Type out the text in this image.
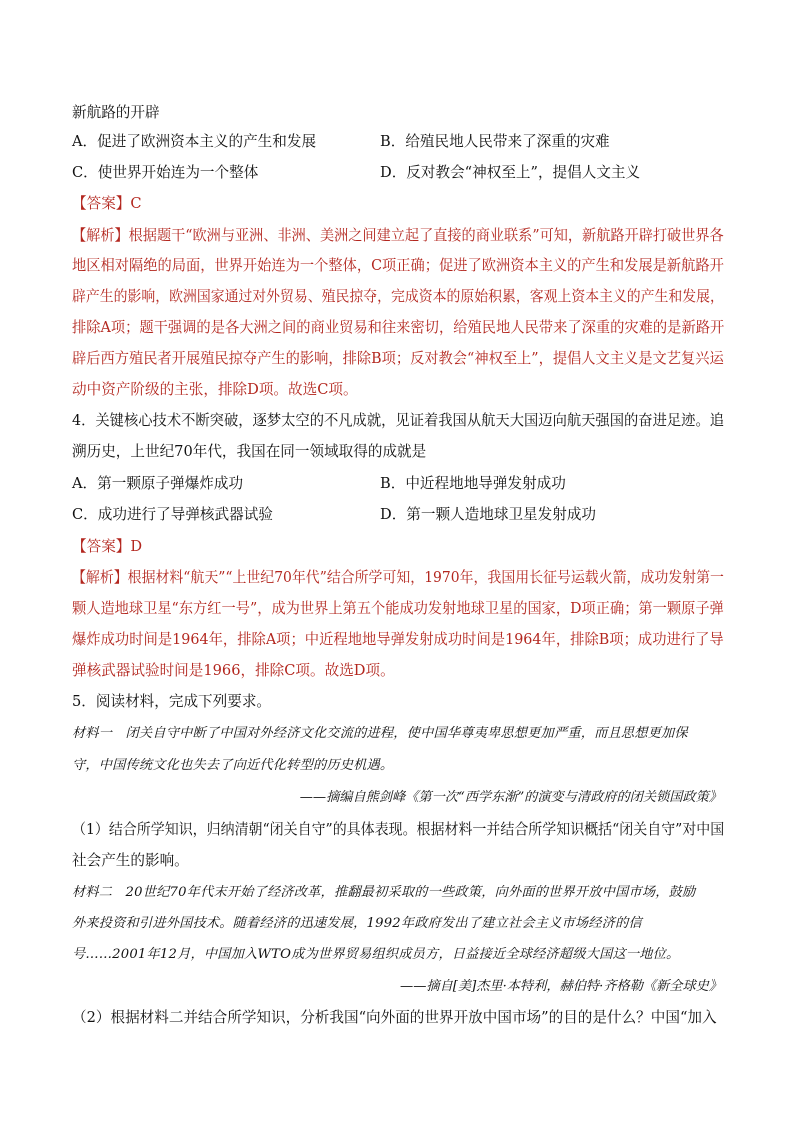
新航路的开辟
A．促进了欧洲资本主义的产生和发展	B．给殖民地人民带来了深重的灾难
C．使世界开始连为一个整体	D．反对教会“神权至上”，提倡人文主义
【答案】C
【解析】根据题干“欧洲与亚洲、非洲、美洲之间建立起了直接的商业联系”可知，新航路开辟打破世界各
地区相对隔绝的局面，世界开始连为一个整体，C项正确；促进了欧洲资本主义的产生和发展是新航路开
辟产生的影响，欧洲国家通过对外贸易、殖民掠夺，完成资本的原始积累，客观上资本主义的产生和发展，
排除A项；题干强调的是各大洲之间的商业贸易和往来密切，给殖民地人民带来了深重的灾难的是新路开
辟后西方殖民者开展殖民掠夺产生的影响，排除B项；反对教会“神权至上”，提倡人文主义是文艺复兴运
动中资产阶级的主张，排除D项。故选C项。
4．关键核心技术不断突破，逐梦太空的不凡成就，见证着我国从航天大国迈向航天强国的奋进足迹。追
溯历史，上世纪70年代，我国在同一领域取得的成就是
A．第一颗原子弹爆炸成功	B．中近程地地导弹发射成功
C．成功进行了导弹核武器试验	D．第一颗人造地球卫星发射成功
【答案】D
【解析】根据材料“航天”“上世纪70年代”结合所学可知，1970年，我国用长征号运载火箭，成功发射第一
颗人造地球卫星“东方红一号”，成为世界上第五个能成功发射地球卫星的国家，D项正确；第一颗原子弹
爆炸成功时间是1964年，排除A项；中近程地地导弹发射成功时间是1964年，排除B项；成功进行了导
弹核武器试验时间是1966，排除C项。故选D项。
5．阅读材料，完成下列要求。
材料一　闭关自守中断了中国对外经济文化交流的进程，使中国华尊夷卑思想更加严重，而且思想更加保
守，中国传统文化也失去了向近代化转型的历史机遇。
——摘编自熊剑峰《第一次“西学东渐”的演变与清政府的闭关锁国政策》
（1）结合所学知识，归纳清朝“闭关自守”的具体表现。根据材料一并结合所学知识概括“闭关自守”对中国
社会产生的影响。
材料二　20世纪70年代末开始了经济改革，推翻最初采取的一些政策，向外面的世界开放中国市场，鼓励
外来投资和引进外国技术。随着经济的迅速发展，1992年政府发出了建立社会主义市场经济的信
号……2001年12月，中国加入WTO成为世界贸易组织成员方，日益接近全球经济超级大国这一地位。
——摘自[美]杰里·本特利，赫伯特·齐格勒《新全球史》
（2）根据材料二并结合所学知识，分析我国“向外面的世界开放中国市场”的目的是什么？中国“加入
